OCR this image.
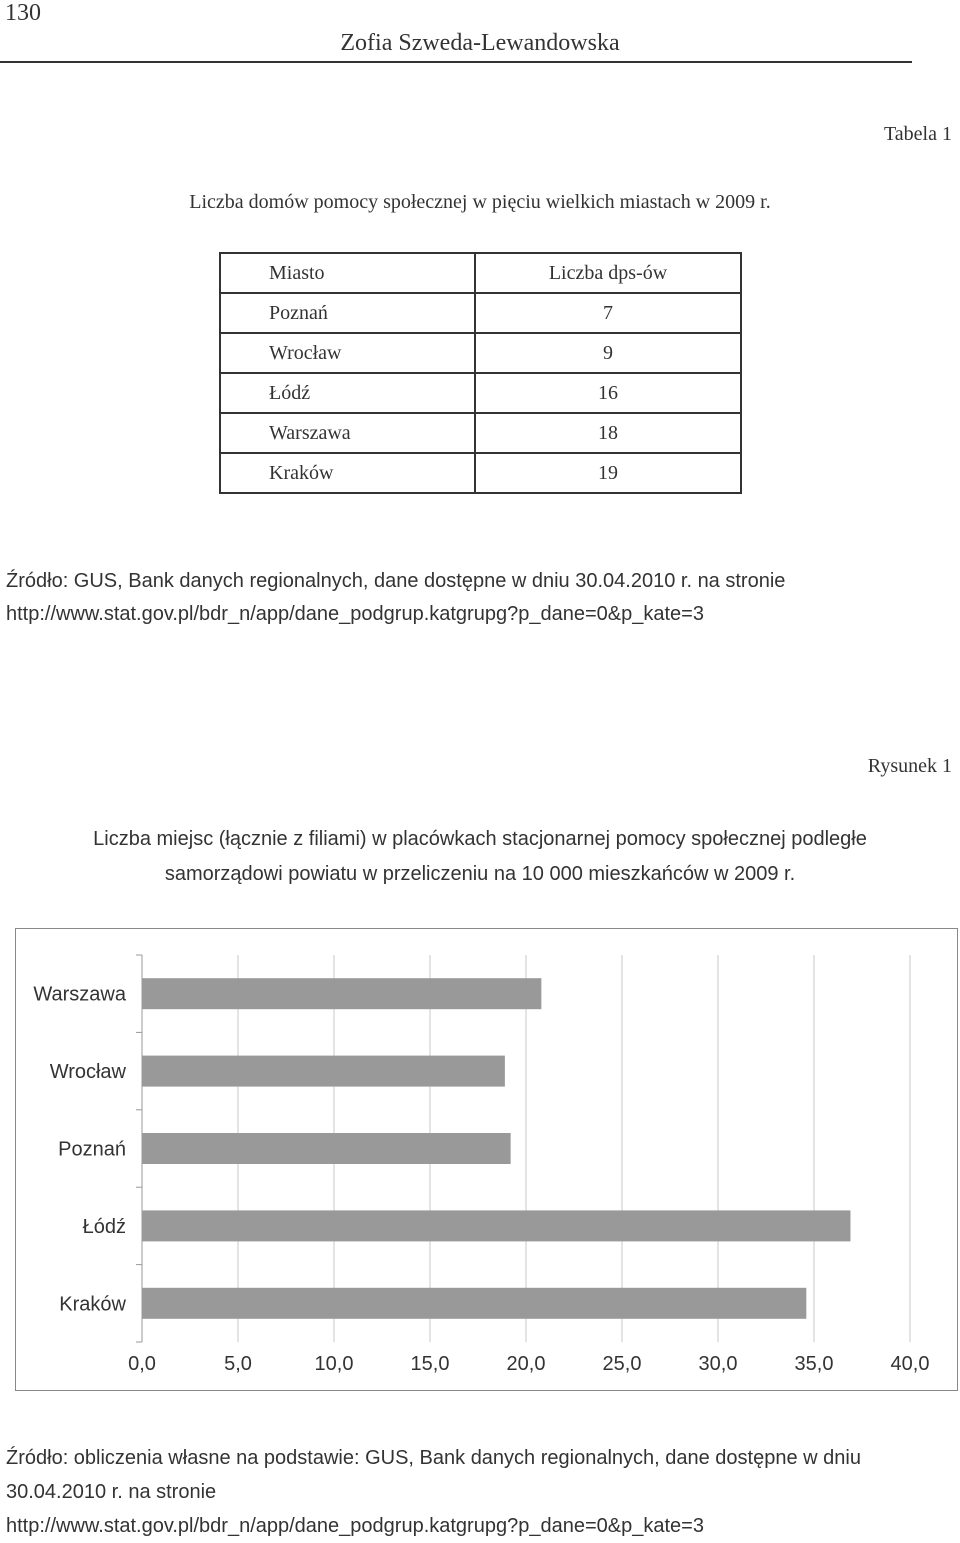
130
Zofia Szweda-Lewandowska
Tabela 1
Liczba domów pomocy społecznej w pięciu wielkich miastach w 2009 r.
Miasto	Liczba dps-ów
Poznań	7
Wrocław	9
Łódź	16
Warszawa	18
Kraków	19
Źródło: GUS, Bank danych regionalnych, dane dostępne w dniu 30.04.2010 r. na stronie
http://www.stat.gov.pl/bdr_n/app/dane_podgrup.katgrupg?p_dane=0&p_kate=3
Rysunek 1
Liczba miejsc (łącznie z filiami) w placówkach stacjonarnej pomocy społecznej podległe
samorządowi powiatu w przeliczeniu na 10 000 mieszkańców w 2009 r.
Warszawa
Wrocław
Poznań
Łódź
Kraków
0,0	5,0	10,0	15,0	20,0	25,0	30,0	35,0	40,0
Źródło: obliczenia własne na podstawie: GUS, Bank danych regionalnych, dane dostępne w dniu
30.04.2010 r. na stronie
http://www.stat.gov.pl/bdr_n/app/dane_podgrup.katgrupg?p_dane=0&p_kate=3
